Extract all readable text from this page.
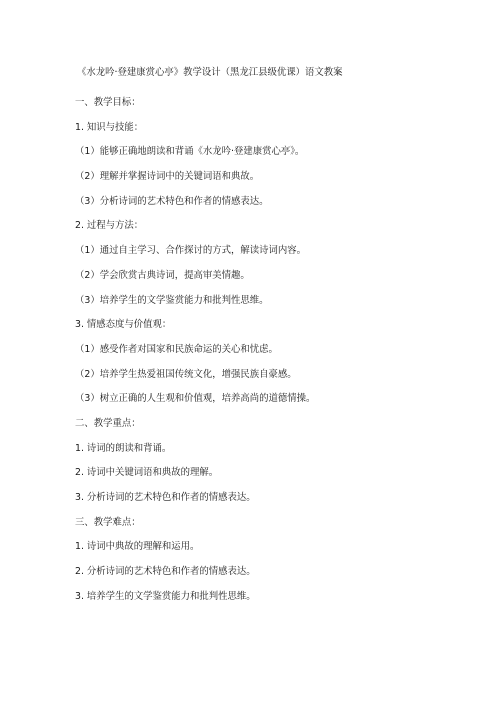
《水龙吟·登建康赏心亭》教学设计（黑龙江县级优课）语文教案
一、教学目标：
1. 知识与技能：
（1）能够正确地朗读和背诵《水龙吟·登建康赏心亭》。
（2）理解并掌握诗词中的关键词语和典故。
（3）分析诗词的艺术特色和作者的情感表达。
2. 过程与方法：
（1）通过自主学习、合作探讨的方式，解读诗词内容。
（2）学会欣赏古典诗词，提高审美情趣。
（3）培养学生的文学鉴赏能力和批判性思维。
3. 情感态度与价值观：
（1）感受作者对国家和民族命运的关心和忧虑。
（2）培养学生热爱祖国传统文化，增强民族自豪感。
（3）树立正确的人生观和价值观，培养高尚的道德情操。
二、教学重点：
1. 诗词的朗读和背诵。
2. 诗词中关键词语和典故的理解。
3. 分析诗词的艺术特色和作者的情感表达。
三、教学难点：
1. 诗词中典故的理解和运用。
2. 分析诗词的艺术特色和作者的情感表达。
3. 培养学生的文学鉴赏能力和批判性思维。
